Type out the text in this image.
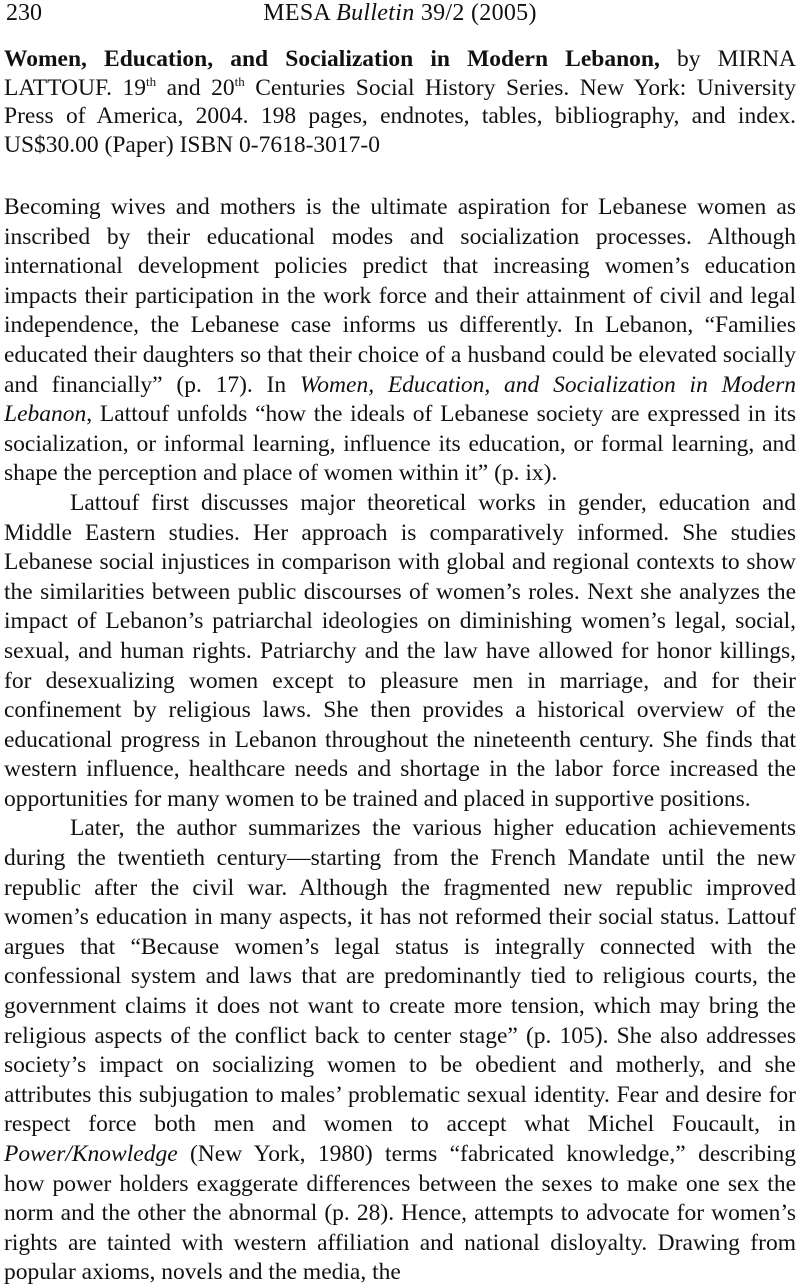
230	MESA Bulletin 39/2 (2005)
Women, Education, and Socialization in Modern Lebanon, by MIRNA LATTOUF. 19th and 20th Centuries Social History Series. New York: University Press of America, 2004. 198 pages, endnotes, tables, bibliography, and index. US$30.00 (Paper) ISBN 0-7618-3017-0

Becoming wives and mothers is the ultimate aspiration for Lebanese women as inscribed by their educational modes and socialization processes. Although international development policies predict that increasing women’s education impacts their participation in the work force and their attainment of civil and legal independence, the Lebanese case informs us differently. In Lebanon, “Families educated their daughters so that their choice of a husband could be elevated socially and financially” (p. 17). In Women, Education, and Socialization in Modern Lebanon, Lattouf unfolds “how the ideals of Lebanese society are expressed in its socialization, or informal learning, influence its education, or formal learning, and shape the perception and place of women within it” (p. ix).

Lattouf first discusses major theoretical works in gender, education and Middle Eastern studies. Her approach is comparatively informed. She studies Lebanese social injustices in comparison with global and regional contexts to show the similarities between public discourses of women’s roles. Next she analyzes the impact of Lebanon’s patriarchal ideologies on diminishing women’s legal, social, sexual, and human rights. Patriarchy and the law have allowed for honor killings, for desexualizing women except to pleasure men in marriage, and for their confinement by religious laws. She then provides a historical overview of the educational progress in Lebanon throughout the nineteenth century. She finds that western influence, healthcare needs and shortage in the labor force increased the opportunities for many women to be trained and placed in supportive positions.

Later, the author summarizes the various higher education achievements during the twentieth century—starting from the French Mandate until the new republic after the civil war. Although the fragmented new republic improved women’s education in many aspects, it has not reformed their social status. Lattouf argues that “Because women’s legal status is integrally connected with the confessional system and laws that are predominantly tied to religious courts, the government claims it does not want to create more tension, which may bring the religious aspects of the conflict back to center stage” (p. 105). She also addresses society’s impact on socializing women to be obedient and motherly, and she attributes this subjugation to males’ problematic sexual identity. Fear and desire for respect force both men and women to accept what Michel Foucault, in Power/Knowledge (New York, 1980) terms “fabricated knowledge,” describing how power holders exaggerate differences between the sexes to make one sex the norm and the other the abnormal (p. 28). Hence, attempts to advocate for women’s rights are tainted with western affiliation and national disloyalty. Drawing from popular axioms, novels and the media, the
